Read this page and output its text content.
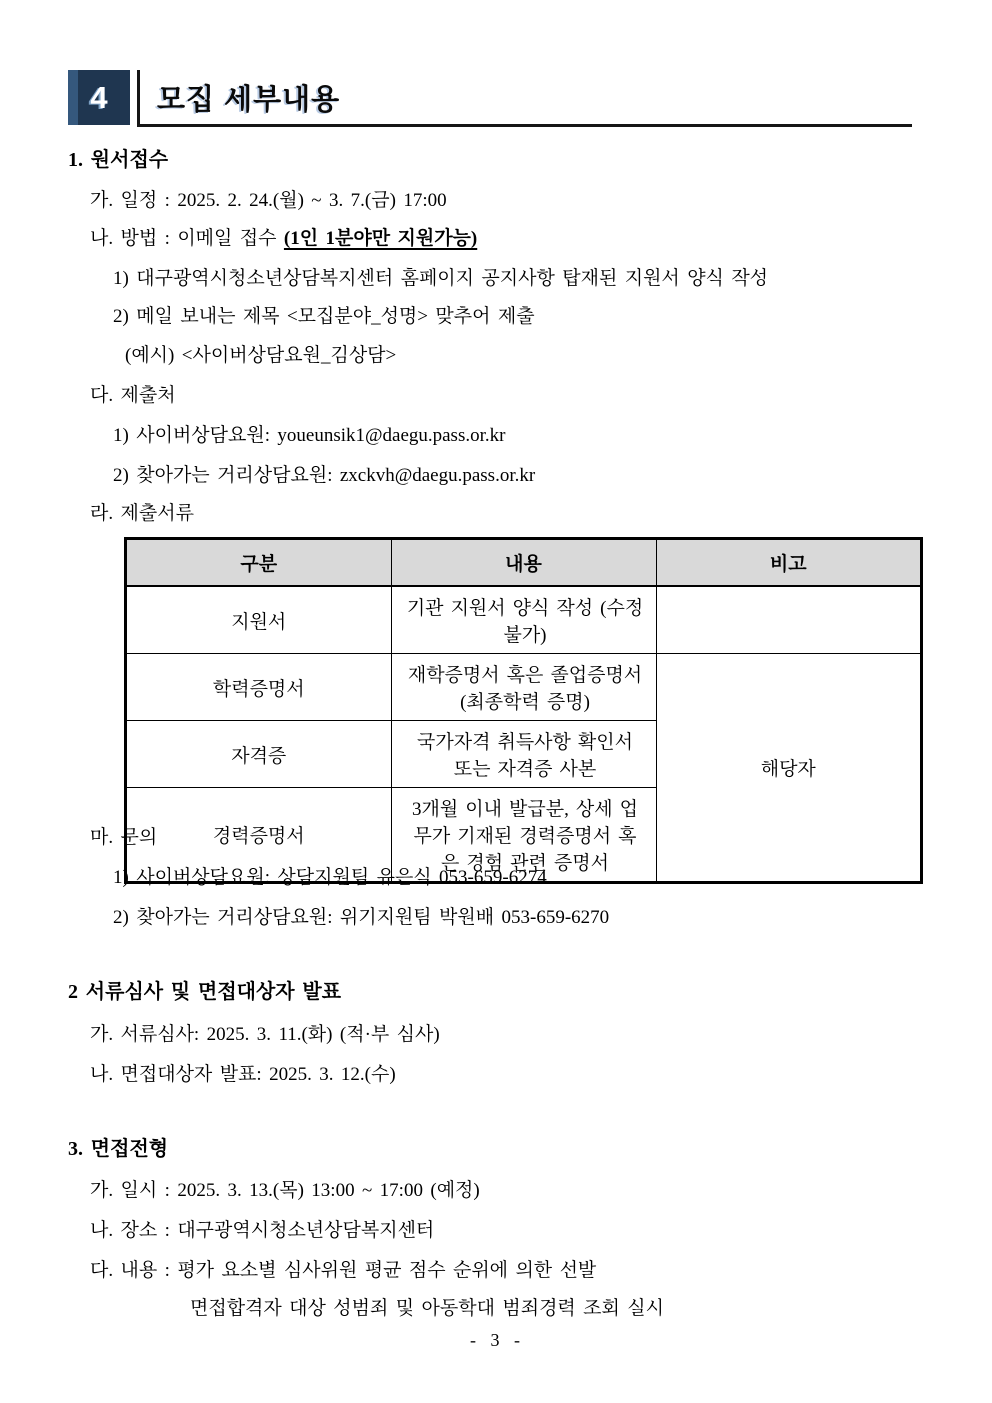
4 모집 세부내용
1. 원서접수
가. 일정 : 2025. 2. 24.(월) ~ 3. 7.(금) 17:00
나. 방법 : 이메일 접수 (1인 1분야만 지원가능)
1) 대구광역시청소년상담복지센터 홈페이지 공지사항 탑재된 지원서 양식 작성
2) 메일 보내는 제목 <모집분야_성명> 맞추어 제출
(예시) <사이버상담요원_김상담>
다. 제출처
1) 사이버상담요원: youeunsik1@daegu.pass.or.kr
2) 찾아가는 거리상담요원: zxckvh@daegu.pass.or.kr
라. 제출서류
구분	내용	비고
지원서	기관 지원서 양식 작성 (수정 불가)	
학력증명서	재학증명서 혹은 졸업증명서 (최종학력 증명)	해당자
자격증	국가자격 취득사항 확인서 또는 자격증 사본	
경력증명서	3개월 이내 발급분, 상세 업무가 기재된 경력증명서 혹은 경험 관련 증명서	
마. 문의
1) 사이버상담요원: 상담지원팀 유은식 053-659-6274
2) 찾아가는 거리상담요원: 위기지원팀 박원배 053-659-6270
2 서류심사 및 면접대상자 발표
가. 서류심사: 2025. 3. 11.(화) (적·부 심사)
나. 면접대상자 발표: 2025. 3. 12.(수)
3. 면접전형
가. 일시 : 2025. 3. 13.(목) 13:00 ~ 17:00 (예정)
나. 장소 : 대구광역시청소년상담복지센터
다. 내용 : 평가 요소별 심사위원 평균 점수 순위에 의한 선발
면접합격자 대상 성범죄 및 아동학대 범죄경력 조회 실시
- 3 -
